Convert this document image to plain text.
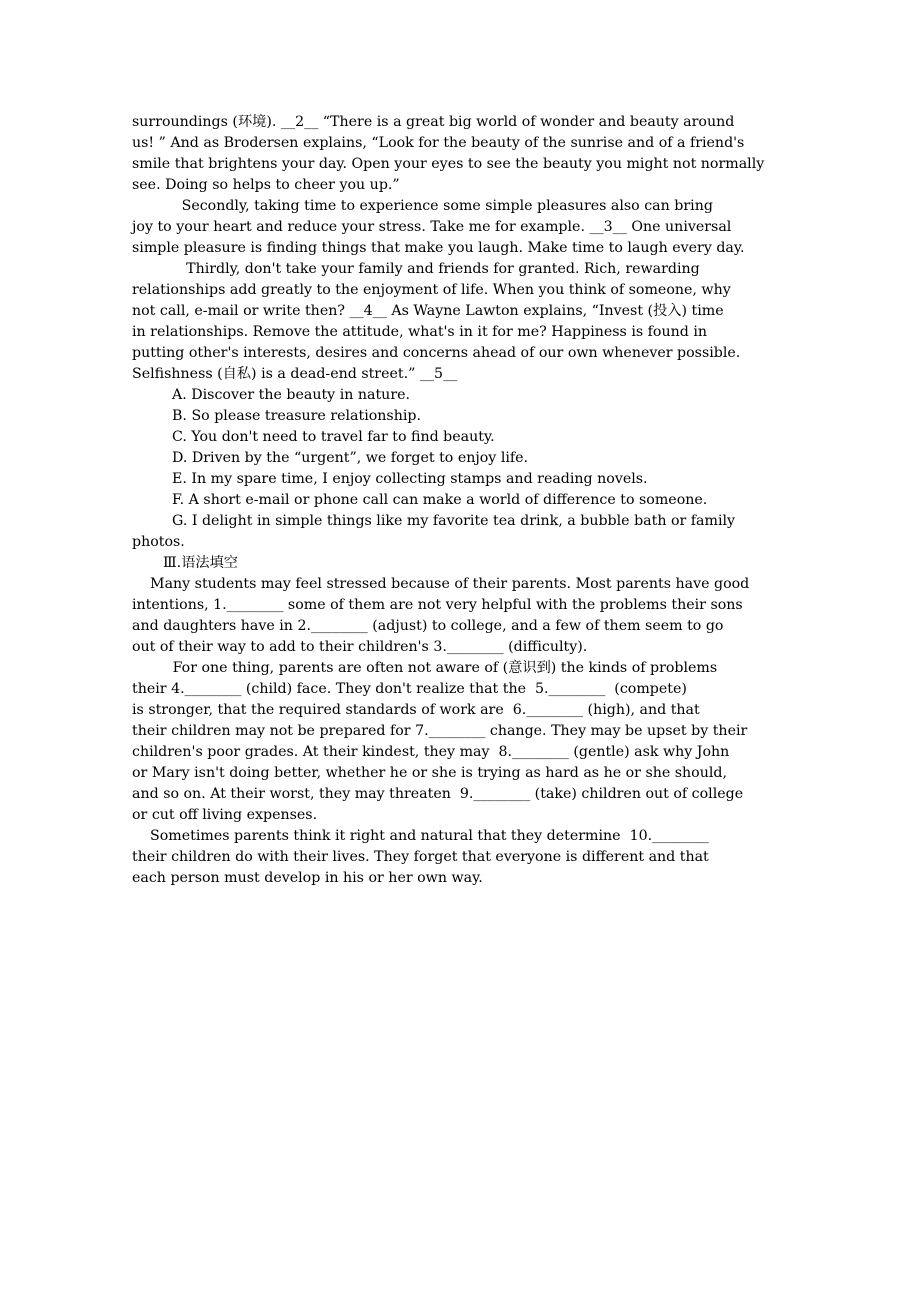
surroundings (环境). __2__ “There is a great big world of wonder and beauty around
us! ” And as Brodersen explains, “Look for the beauty of the sunrise and of a friend's
smile that brightens your day. Open your eyes to see the beauty you might not normally
see. Doing so helps to cheer you up.”
Secondly, taking time to experience some simple pleasures also can bring
joy to your heart and reduce your stress. Take me for example. __3__ One universal
simple pleasure is finding things that make you laugh. Make time to laugh every day.
Thirdly, don't take your family and friends for granted. Rich, rewarding
relationships add greatly to the enjoyment of life. When you think of someone, why
not call, e-mail or write then? __4__ As Wayne Lawton explains, “Invest (投入) time
in relationships. Remove the attitude, what's in it for me? Happiness is found in
putting other's interests, desires and concerns ahead of our own whenever possible.
Selfishness (自私) is a dead-end street.” __5__
A. Discover the beauty in nature.
B. So please treasure relationship.
C. You don't need to travel far to find beauty.
D. Driven by the “urgent”, we forget to enjoy life.
E. In my spare time, I enjoy collecting stamps and reading novels.
F. A short e-mail or phone call can make a world of difference to someone.
G. I delight in simple things like my favorite tea drink, a bubble bath or family
photos.
Ⅲ.语法填空
Many students may feel stressed because of their parents. Most parents have good
intentions, 1.________ some of them are not very helpful with the problems their sons
and daughters have in 2.________ (adjust) to college, and a few of them seem to go
out of their way to add to their children's 3.________ (difficulty).
For one thing, parents are often not aware of (意识到) the kinds of problems
their 4.________ (child) face. They don't realize that the  5.________  (compete)
is stronger, that the required standards of work are  6.________ (high), and that
their children may not be prepared for 7.________ change. They may be upset by their
children's poor grades. At their kindest, they may  8.________ (gentle) ask why John
or Mary isn't doing better, whether he or she is trying as hard as he or she should,
and so on. At their worst, they may threaten  9.________ (take) children out of college
or cut off living expenses.
Sometimes parents think it right and natural that they determine  10.________
their children do with their lives. They forget that everyone is different and that
each person must develop in his or her own way.
